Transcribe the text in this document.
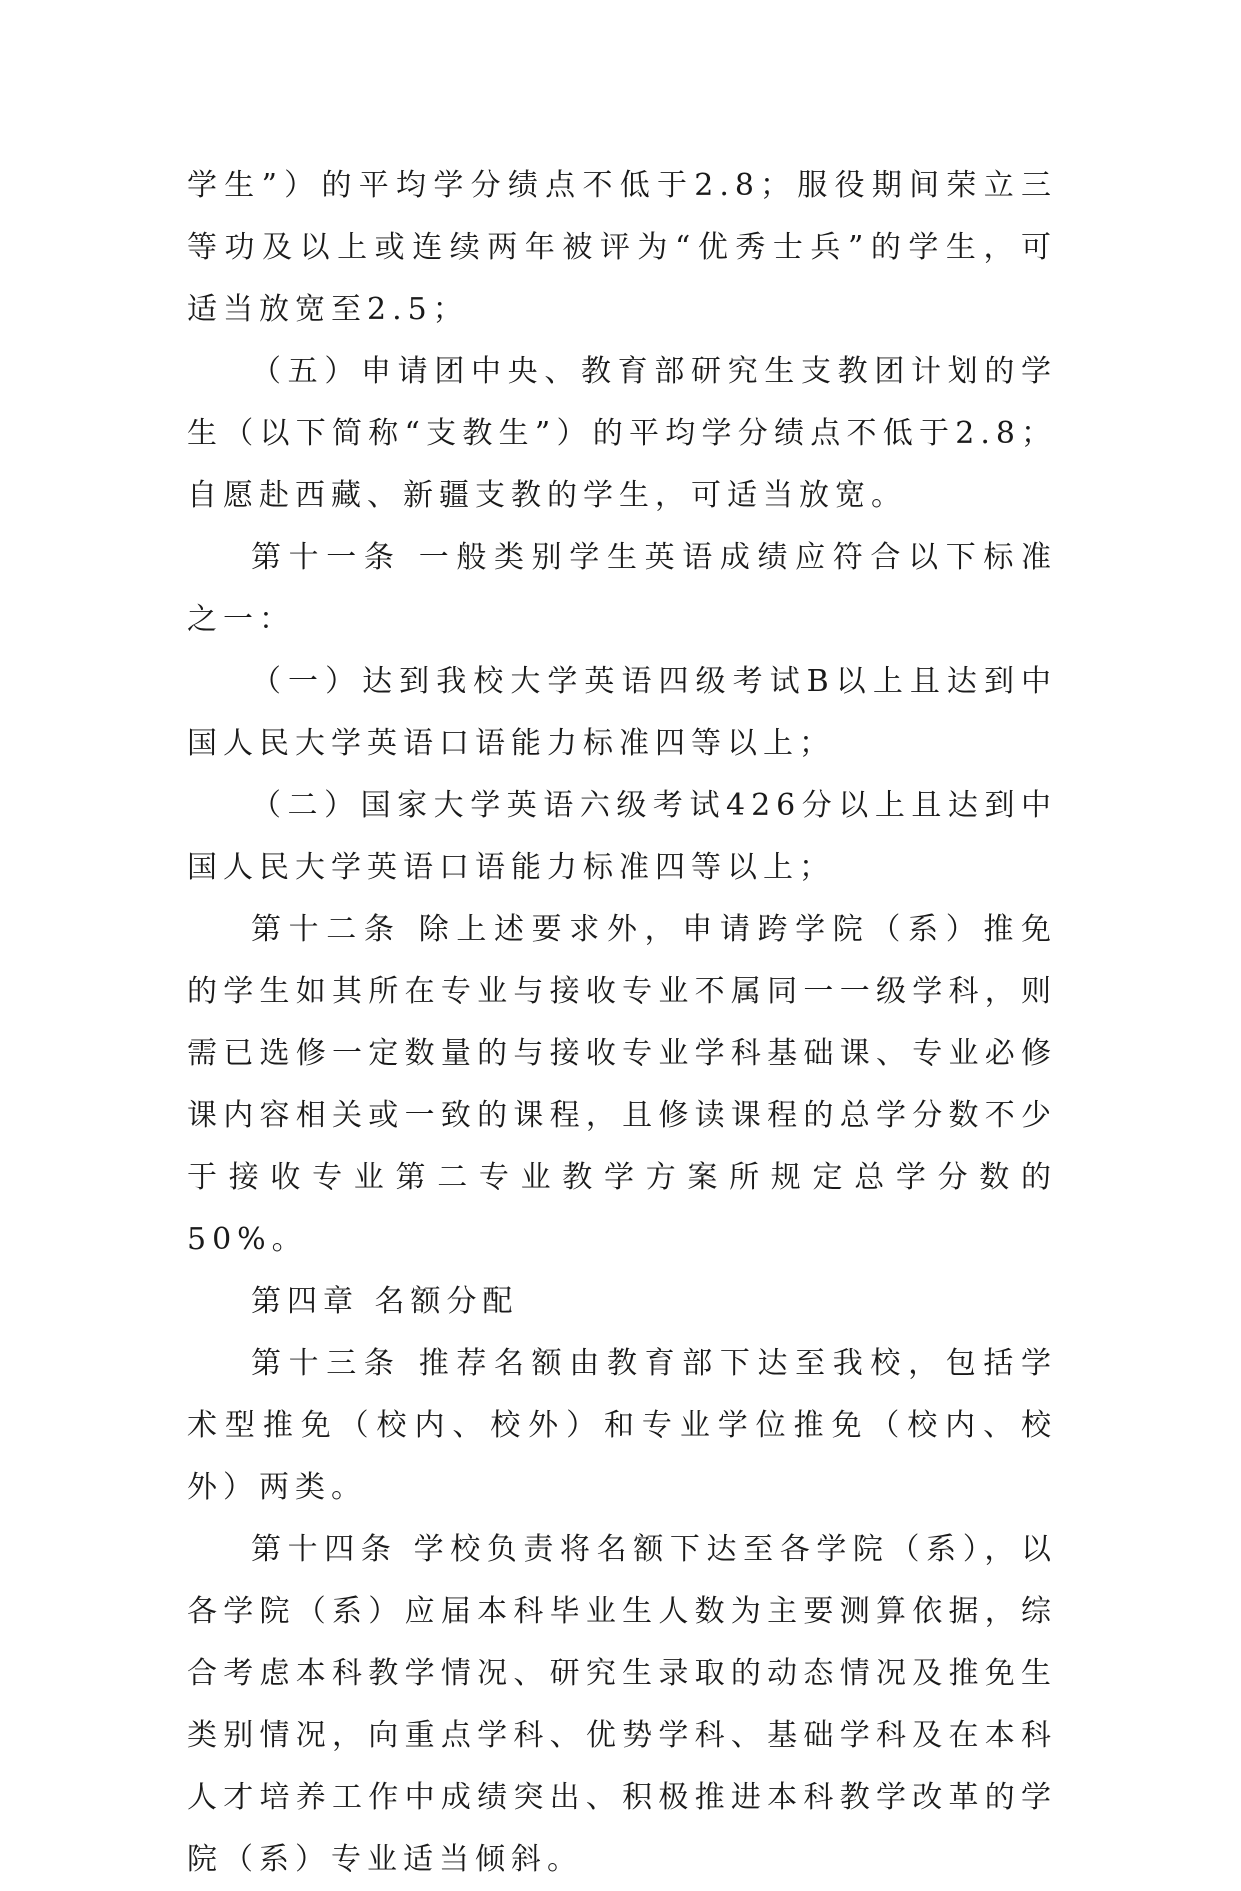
学生”）的平均学分绩点不低于2.8；服役期间荣立三等功及以上或连续两年被评为“优秀士兵”的学生，可适当放宽至2.5；

（五）申请团中央、教育部研究生支教团计划的学生（以下简称“支教生”）的平均学分绩点不低于2.8；自愿赴西藏、新疆支教的学生，可适当放宽。

第十一条 一般类别学生英语成绩应符合以下标准之一：

（一）达到我校大学英语四级考试B以上且达到中国人民大学英语口语能力标准四等以上；

（二）国家大学英语六级考试426分以上且达到中国人民大学英语口语能力标准四等以上；

第十二条 除上述要求外，申请跨学院（系）推免的学生如其所在专业与接收专业不属同一一级学科，则需已选修一定数量的与接收专业学科基础课、专业必修课内容相关或一致的课程，且修读课程的总学分数不少于接收专业第二专业教学方案所规定总学分数的50%。

第四章 名额分配

第十三条 推荐名额由教育部下达至我校，包括学术型推免（校内、校外）和专业学位推免（校内、校外）两类。

第十四条 学校负责将名额下达至各学院（系），以各学院（系）应届本科毕业生人数为主要测算依据，综合考虑本科教学情况、研究生录取的动态情况及推免生类别情况，向重点学科、优势学科、基础学科及在本科人才培养工作中成绩突出、积极推进本科教学改革的学院（系）专业适当倾斜。
